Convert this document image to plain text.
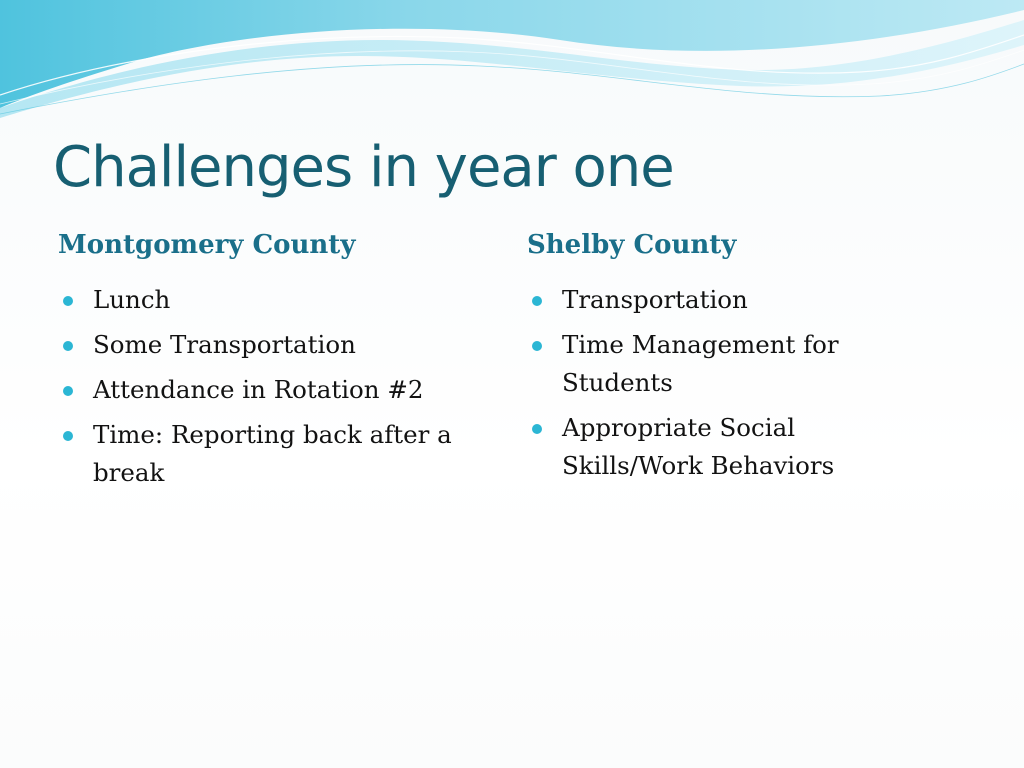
Challenges in year one
Montgomery County
Lunch
Some Transportation
Attendance in Rotation #2
Time: Reporting back after a break
Shelby County
Transportation
Time Management for Students
Appropriate Social Skills/Work Behaviors
